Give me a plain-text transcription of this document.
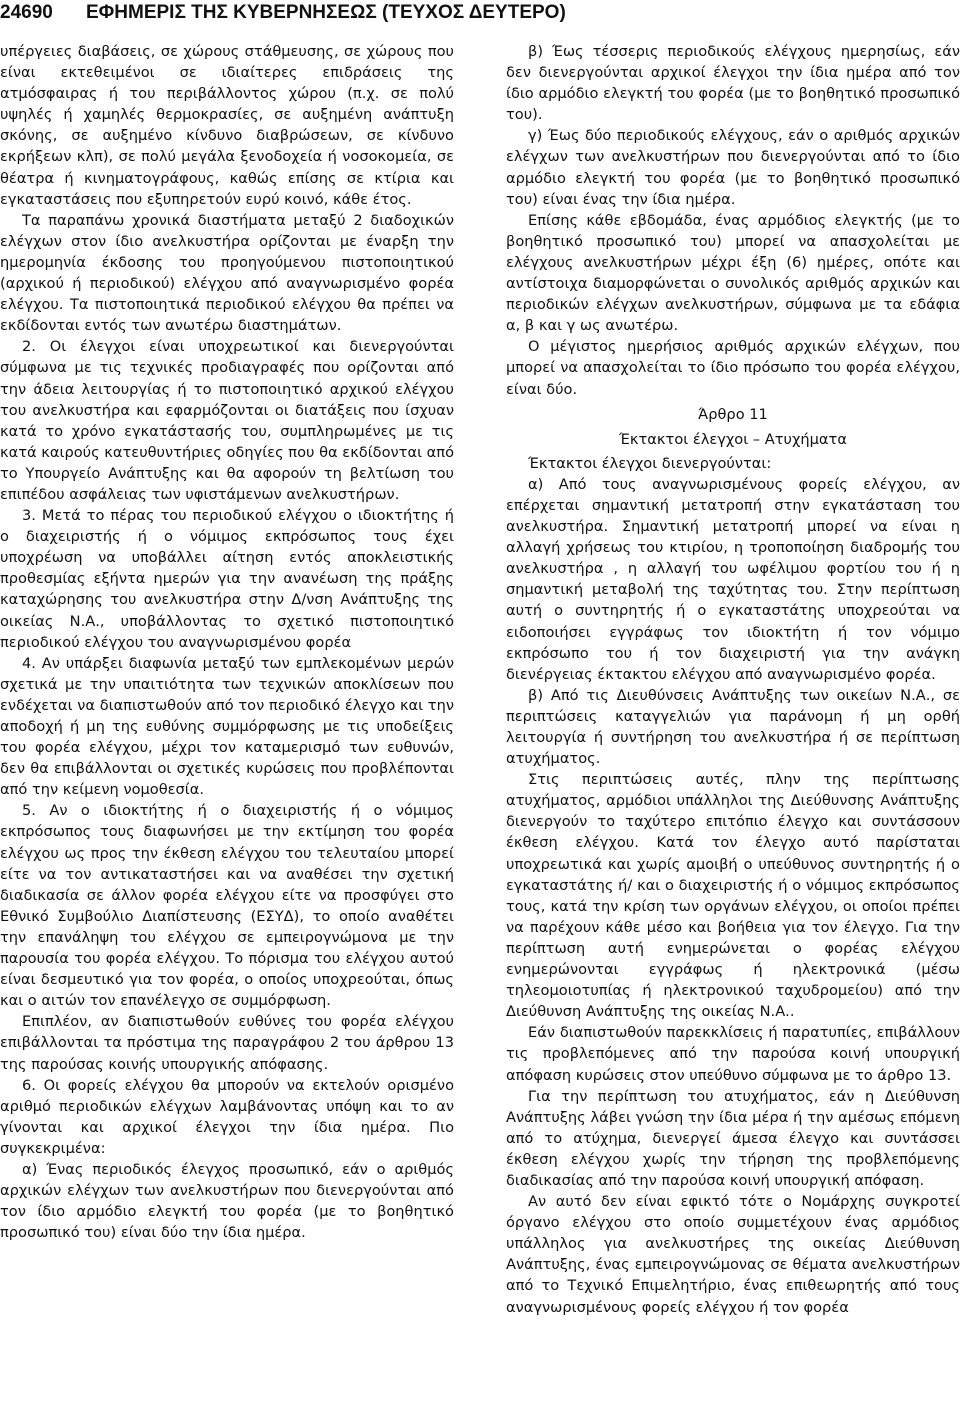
24690 ΕΦΗΜΕΡΙΣ ΤΗΣ ΚΥΒΕΡΝΗΣΕΩΣ (ΤΕΥΧΟΣ ΔΕΥΤΕΡΟ)

υπέργειες διαβάσεις, σε χώρους στάθμευσης, σε χώρους που είναι εκτεθειμένοι σε ιδιαίτερες επιδράσεις της ατμόσφαιρας ή του περιβάλλοντος χώρου (π.χ. σε πολύ υψηλές ή χαμηλές θερμοκρασίες, σε αυξημένη ανάπτυξη σκόνης, σε αυξημένο κίνδυνο διαβρώσεων, σε κίνδυνο εκρήξεων κλπ), σε πολύ μεγάλα ξενοδοχεία ή νοσοκομεία, σε θέατρα ή κινηματογράφους, καθώς επίσης σε κτίρια και εγκαταστάσεις που εξυπηρετούν ευρύ κοινό, κάθε έτος.

Τα παραπάνω χρονικά διαστήματα μεταξύ 2 διαδοχικών ελέγχων στον ίδιο ανελκυστήρα ορίζονται με έναρξη την ημερομηνία έκδοσης του προηγούμενου πιστοποιητικού (αρχικού ή περιοδικού) ελέγχου από αναγνωρισμένο φορέα ελέγχου. Τα πιστοποιητικά περιοδικού ελέγχου θα πρέπει να εκδίδονται εντός των ανωτέρω διαστημάτων.

2. Οι έλεγχοι είναι υποχρεωτικοί και διενεργούνται σύμφωνα με τις τεχνικές προδιαγραφές που ορίζονται από την άδεια λειτουργίας ή το πιστοποιητικό αρχικού ελέγχου του ανελκυστήρα και εφαρμόζονται οι διατάξεις που ίσχυαν κατά το χρόνο εγκατάστασής του, συμπληρωμένες με τις κατά καιρούς κατευθυντήριες οδηγίες που θα εκδίδονται από το Υπουργείο Ανάπτυξης και θα αφορούν τη βελτίωση του επιπέδου ασφάλειας των υφιστάμενων ανελκυστήρων.

3. Μετά το πέρας του περιοδικού ελέγχου ο ιδιοκτήτης ή ο διαχειριστής ή ο νόμιμος εκπρόσωπος τους έχει υποχρέωση να υποβάλλει αίτηση εντός αποκλειστικής προθεσμίας εξήντα ημερών για την ανανέωση της πράξης καταχώρησης του ανελκυστήρα στην Δ/νση Ανάπτυξης της οικείας Ν.Α., υποβάλλοντας το σχετικό πιστοποιητικό περιοδικού ελέγχου του αναγνωρισμένου φορέα

4. Αν υπάρξει διαφωνία μεταξύ των εμπλεκομένων μερών σχετικά με την υπαιτιότητα των τεχνικών αποκλίσεων που ενδέχεται να διαπιστωθούν από τον περιοδικό έλεγχο και την αποδοχή ή μη της ευθύνης συμμόρφωσης με τις υποδείξεις του φορέα ελέγχου, μέχρι τον καταμερισμό των ευθυνών, δεν θα επιβάλλονται οι σχετικές κυρώσεις που προβλέπονται από την κείμενη νομοθεσία.

5. Αν ο ιδιοκτήτης ή ο διαχειριστής ή ο νόμιμος εκπρόσωπος τους διαφωνήσει με την εκτίμηση του φορέα ελέγχου ως προς την έκθεση ελέγχου του τελευταίου μπορεί είτε να τον αντικαταστήσει και να αναθέσει την σχετική διαδικασία σε άλλον φορέα ελέγχου είτε να προσφύγει στο Εθνικό Συμβούλιο Διαπίστευσης (ΕΣΥΔ), το οποίο αναθέτει την επανάληψη του ελέγχου σε εμπειρογνώμονα με την παρουσία του φορέα ελέγχου. Το πόρισμα του ελέγχου αυτού είναι δεσμευτικό για τον φορέα, ο οποίος υποχρεούται, όπως και ο αιτών τον επανέλεγχο σε συμμόρφωση.

Επιπλέον, αν διαπιστωθούν ευθύνες του φορέα ελέγχου επιβάλλονται τα πρόστιμα της παραγράφου 2 του άρθρου 13 της παρούσας κοινής υπουργικής απόφασης.

6. Οι φορείς ελέγχου θα μπορούν να εκτελούν ορισμένο αριθμό περιοδικών ελέγχων λαμβάνοντας υπόψη και το αν γίνονται και αρχικοί έλεγχοι την ίδια ημέρα. Πιο συγκεκριμένα:

α) Ένας περιοδικός έλεγχος προσωπικό, εάν ο αριθμός αρχικών ελέγχων των ανελκυστήρων που διενεργούνται από τον ίδιο αρμόδιο ελεγκτή του φορέα (με το βοηθητικό προσωπικό του) είναι δύο την ίδια ημέρα.

β) Έως τέσσερις περιοδικούς ελέγχους ημερησίως, εάν δεν διενεργούνται αρχικοί έλεγχοι την ίδια ημέρα από τον ίδιο αρμόδιο ελεγκτή του φορέα (με το βοηθητικό προσωπικό του).

γ) Έως δύο περιοδικούς ελέγχους, εάν ο αριθμός αρχικών ελέγχων των ανελκυστήρων που διενεργούνται από το ίδιο αρμόδιο ελεγκτή του φορέα (με το βοηθητικό προσωπικό του) είναι ένας την ίδια ημέρα.

Επίσης κάθε εβδομάδα, ένας αρμόδιος ελεγκτής (με το βοηθητικό προσωπικό του) μπορεί να απασχολείται με ελέγχους ανελκυστήρων μέχρι έξη (6) ημέρες, οπότε και αντίστοιχα διαμορφώνεται ο συνολικός αριθμός αρχικών και περιοδικών ελέγχων ανελκυστήρων, σύμφωνα με τα εδάφια α, β και γ ως ανωτέρω.

Ο μέγιστος ημερήσιος αριθμός αρχικών ελέγχων, που μπορεί να απασχολείται το ίδιο πρόσωπο του φορέα ελέγχου, είναι δύο.

Άρθρο 11

Έκτακτοι έλεγχοι – Ατυχήματα

Έκτακτοι έλεγχοι διενεργούνται:

α) Από τους αναγνωρισμένους φορείς ελέγχου, αν επέρχεται σημαντική μετατροπή στην εγκατάσταση του ανελκυστήρα. Σημαντική μετατροπή μπορεί να είναι η αλλαγή χρήσεως του κτιρίου, η τροποποίηση διαδρομής του ανελκυστήρα , η αλλαγή του ωφέλιμου φορτίου του ή η σημαντική μεταβολή της ταχύτητας του. Στην περίπτωση αυτή ο συντηρητής ή ο εγκαταστάτης υποχρεούται να ειδοποιήσει εγγράφως τον ιδιοκτήτη ή τον νόμιμο εκπρόσωπο του ή τον διαχειριστή για την ανάγκη διενέργειας έκτακτου ελέγχου από αναγνωρισμένο φορέα.

β) Από τις Διευθύνσεις Ανάπτυξης των οικείων Ν.Α., σε περιπτώσεις καταγγελιών για παράνομη ή μη ορθή λειτουργία ή συντήρηση του ανελκυστήρα ή σε περίπτωση ατυχήματος.

Στις περιπτώσεις αυτές, πλην της περίπτωσης ατυχήματος, αρμόδιοι υπάλληλοι της Διεύθυνσης Ανάπτυξης διενεργούν το ταχύτερο επιτόπιο έλεγχο και συντάσσουν έκθεση ελέγχου. Κατά τον έλεγχο αυτό παρίσταται υποχρεωτικά και χωρίς αμοιβή ο υπεύθυνος συντηρητής ή ο εγκαταστάτης ή/ και ο διαχειριστής ή ο νόμιμος εκπρόσωπος τους, κατά την κρίση των οργάνων ελέγχου, οι οποίοι πρέπει να παρέχουν κάθε μέσο και βοήθεια για τον έλεγχο. Για την περίπτωση αυτή ενημερώνεται ο φορέας ελέγχου ενημερώνονται εγγράφως ή ηλεκτρονικά (μέσω τηλεομοιοτυπίας ή ηλεκτρονικού ταχυδρομείου) από την Διεύθυνση Ανάπτυξης της οικείας Ν.Α..

Εάν διαπιστωθούν παρεκκλίσεις ή παρατυπίες, επιβάλλουν τις προβλεπόμενες από την παρούσα κοινή υπουργική απόφαση κυρώσεις στον υπεύθυνο σύμφωνα με το άρθρο 13.

Για την περίπτωση του ατυχήματος, εάν η Διεύθυνση Ανάπτυξης λάβει γνώση την ίδια μέρα ή την αμέσως επόμενη από το ατύχημα, διενεργεί άμεσα έλεγχο και συντάσσει έκθεση ελέγχου χωρίς την τήρηση της προβλεπόμενης διαδικασίας από την παρούσα κοινή υπουργική απόφαση.

Αν αυτό δεν είναι εφικτό τότε ο Νομάρχης συγκροτεί όργανο ελέγχου στο οποίο συμμετέχουν ένας αρμόδιος υπάλληλος για ανελκυστήρες της οικείας Διεύθυνση Ανάπτυξης, ένας εμπειρογνώμονας σε θέματα ανελκυστήρων από το Τεχνικό Επιμελητήριο, ένας επιθεωρητής από τους αναγνωρισμένους φορείς ελέγχου ή τον φορέα
